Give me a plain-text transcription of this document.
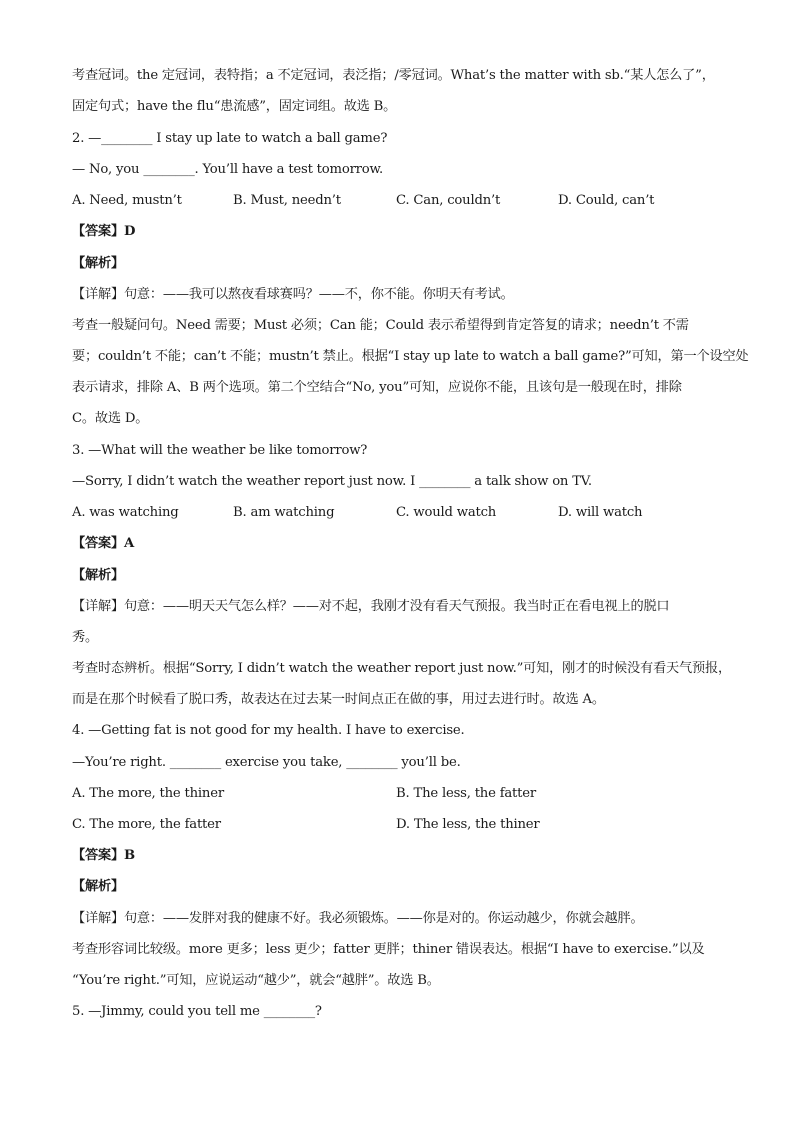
考查冠词。the 定冠词，表特指；a 不定冠词，表泛指；/零冠词。What’s the matter with sb.“某人怎么了”，
固定句式；have the flu“患流感”，固定词组。故选 B。
2. —________ I stay up late to watch a ball game?
— No, you ________. You’ll have a test tomorrow.
A. Need, mustn’t	B. Must, needn’t	C. Can, couldn’t	D. Could, can’t
【答案】D
【解析】
【详解】句意：——我可以熬夜看球赛吗？——不，你不能。你明天有考试。
考查一般疑问句。Need 需要；Must 必须；Can 能；Could 表示希望得到肯定答复的请求；needn’t 不需
要；couldn’t 不能；can’t 不能；mustn’t 禁止。根据“I stay up late to watch a ball game?”可知，第一个设空处
表示请求，排除 A、B 两个选项。第二个空结合“No, you”可知，应说你不能，且该句是一般现在时，排除
C。故选 D。
3. —What will the weather be like tomorrow?
—Sorry, I didn’t watch the weather report just now. I ________ a talk show on TV.
A. was watching	B. am watching	C. would watch	D. will watch
【答案】A
【解析】
【详解】句意：——明天天气怎么样？——对不起，我刚才没有看天气预报。我当时正在看电视上的脱口
秀。
考查时态辨析。根据“Sorry, I didn’t watch the weather report just now.”可知，刚才的时候没有看天气预报，
而是在那个时候看了脱口秀，故表达在过去某一时间点正在做的事，用过去进行时。故选 A。
4. —Getting fat is not good for my health. I have to exercise.
—You’re right. ________ exercise you take, ________ you’ll be.
A. The more, the thiner	B. The less, the fatter
C. The more, the fatter	D. The less, the thiner
【答案】B
【解析】
【详解】句意：——发胖对我的健康不好。我必须锻炼。——你是对的。你运动越少，你就会越胖。
考查形容词比较级。more 更多；less 更少；fatter 更胖；thiner 错误表达。根据“I have to exercise.”以及
“You’re right.”可知，应说运动“越少”，就会“越胖”。故选 B。
5. —Jimmy, could you tell me ________?
